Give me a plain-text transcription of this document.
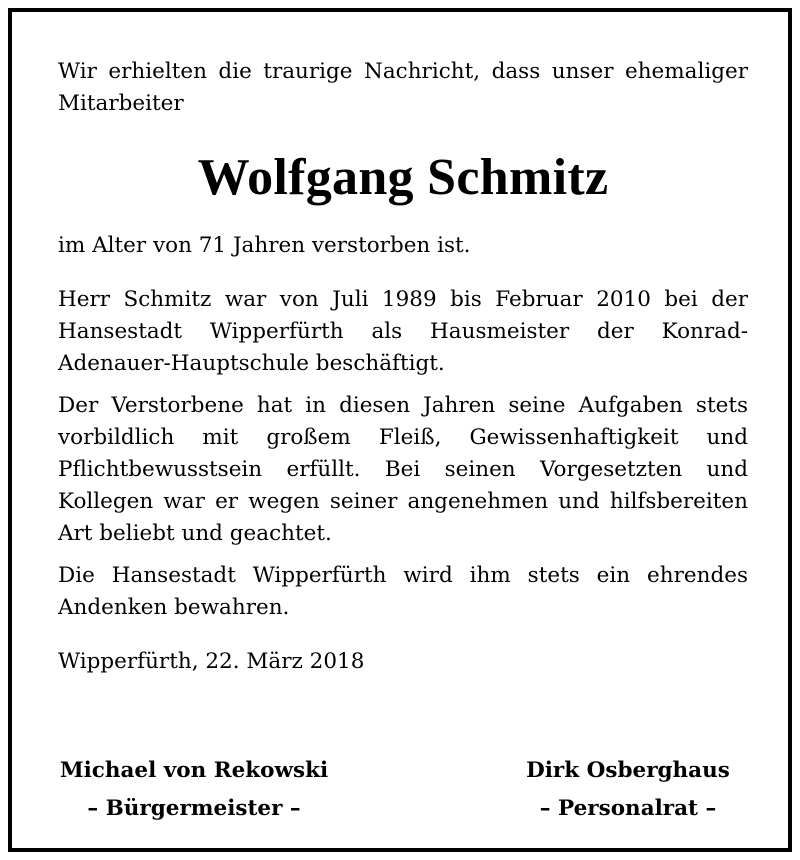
Wir erhielten die traurige Nachricht, dass unser ehemaliger Mitarbeiter

Wolfgang Schmitz

im Alter von 71 Jahren verstorben ist.

Herr Schmitz war von Juli 1989 bis Februar 2010 bei der Hansestadt Wipperfürth als Hausmeister der Konrad-Adenauer-Hauptschule beschäftigt.

Der Verstorbene hat in diesen Jahren seine Aufgaben stets vorbildlich mit großem Fleiß, Gewissenhaftigkeit und Pflichtbewusstsein erfüllt. Bei seinen Vorgesetzten und Kollegen war er wegen seiner angenehmen und hilfsbereiten Art beliebt und geachtet.

Die Hansestadt Wipperfürth wird ihm stets ein ehrendes Andenken bewahren.

Wipperfürth, 22. März 2018

Michael von Rekowski
– Bürgermeister –
Dirk Osberghaus
– Personalrat –
